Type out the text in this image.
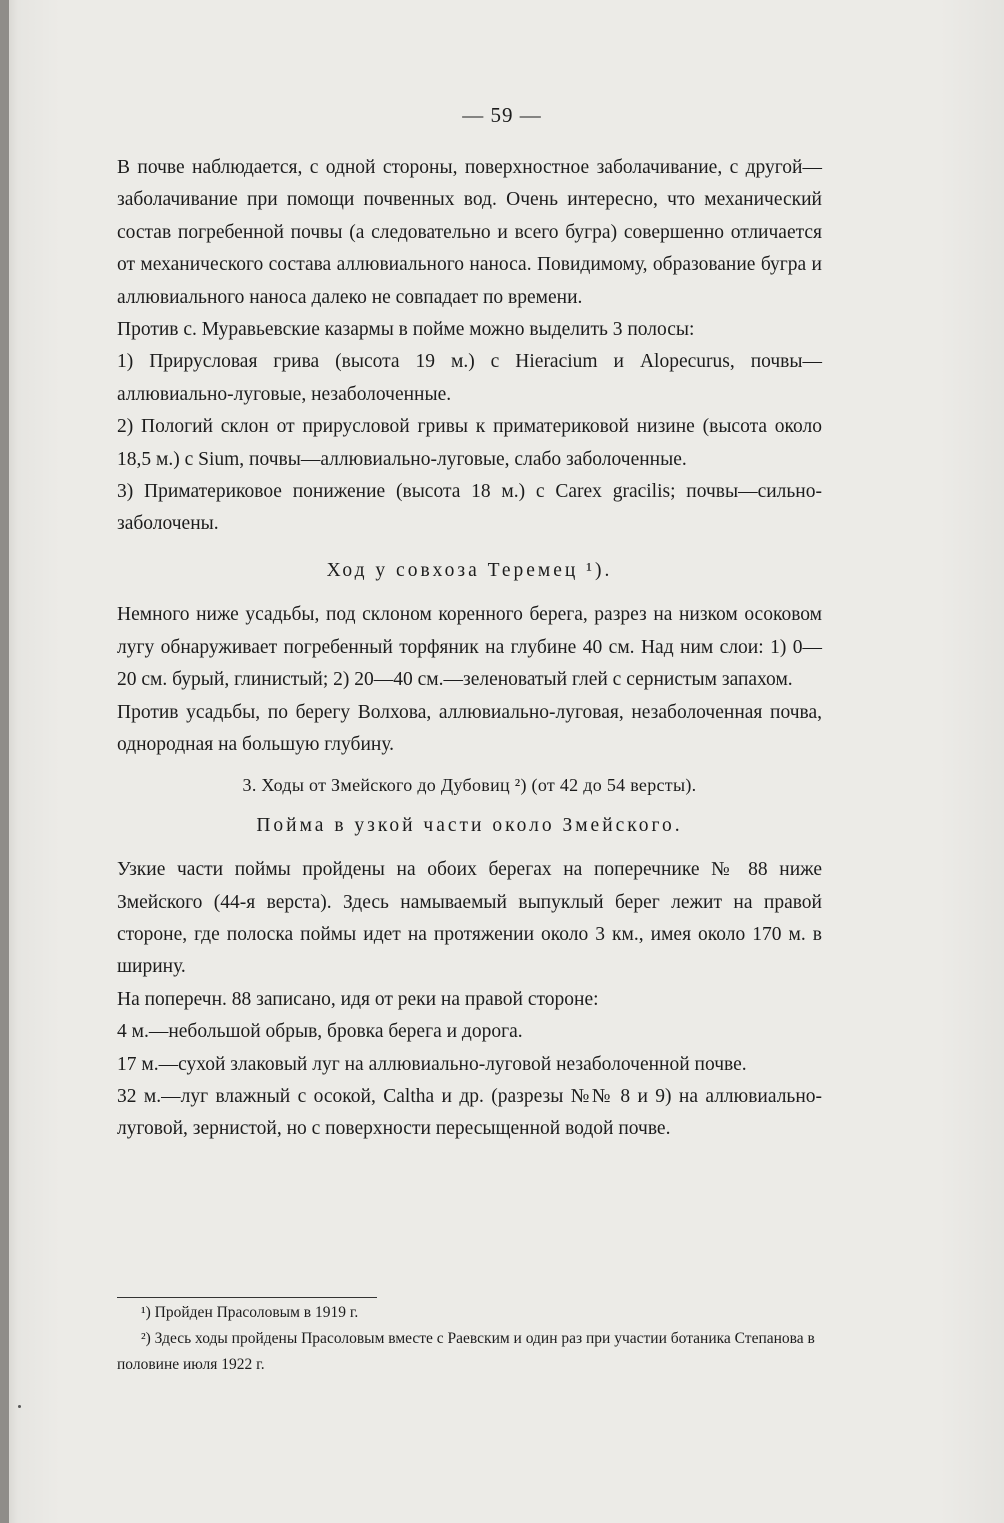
— 59 —

В почве наблюдается, с одной стороны, поверхностное заболачивание, с другой—заболачивание при помощи почвенных вод. Очень интересно, что механический состав погребенной почвы (а следовательно и всего бугра) совершенно отличается от механического состава аллювиального наноса. Повидимому, образование бугра и аллювиального наноса далеко не совпадает по времени.

Против с. Муравьевские казармы в пойме можно выделить 3 полосы:

1) Прирусловая грива (высота 19 м.) с Hieracium и Alopecurus, почвы—аллювиально-луговые, незаболоченные.

2) Пологий склон от прирусловой гривы к приматериковой низине (высота около 18,5 м.) с Sium, почвы—аллювиально-луговые, слабо заболоченные.

3) Приматериковое понижение (высота 18 м.) с Carex gracilis; почвы—сильно-заболочены.

Ход у совхоза Теремец ¹).

Немного ниже усадьбы, под склоном коренного берега, разрез на низком осоковом лугу обнаруживает погребенный торфяник на глубине 40 см. Над ним слои: 1) 0—20 см. бурый, глинистый; 2) 20—40 см.—зеленоватый глей с сернистым запахом.

Против усадьбы, по берегу Волхова, аллювиально-луговая, незаболоченная почва, однородная на большую глубину.

3. Ходы от Змейского до Дубовиц ²) (от 42 до 54 версты).

Пойма в узкой части около Змейского.

Узкие части поймы пройдены на обоих берегах на поперечнике № 88 ниже Змейского (44-я верста). Здесь намываемый выпуклый берег лежит на правой стороне, где полоска поймы идет на протяжении около 3 км., имея около 170 м. в ширину.

На поперечн. 88 записано, идя от реки на правой стороне:

4 м.—небольшой обрыв, бровка берега и дорога.

17 м.—сухой злаковый луг на аллювиально-луговой незаболоченной почве.

32 м.—луг влажный с осокой, Caltha и др. (разрезы №№ 8 и 9) на аллювиально-луговой, зернистой, но с поверхности пересыщенной водой почве.

¹) Пройден Прасоловым в 1919 г.

²) Здесь ходы пройдены Прасоловым вместе с Раевским и один раз при участии ботаника Степанова в половине июля 1922 г.
